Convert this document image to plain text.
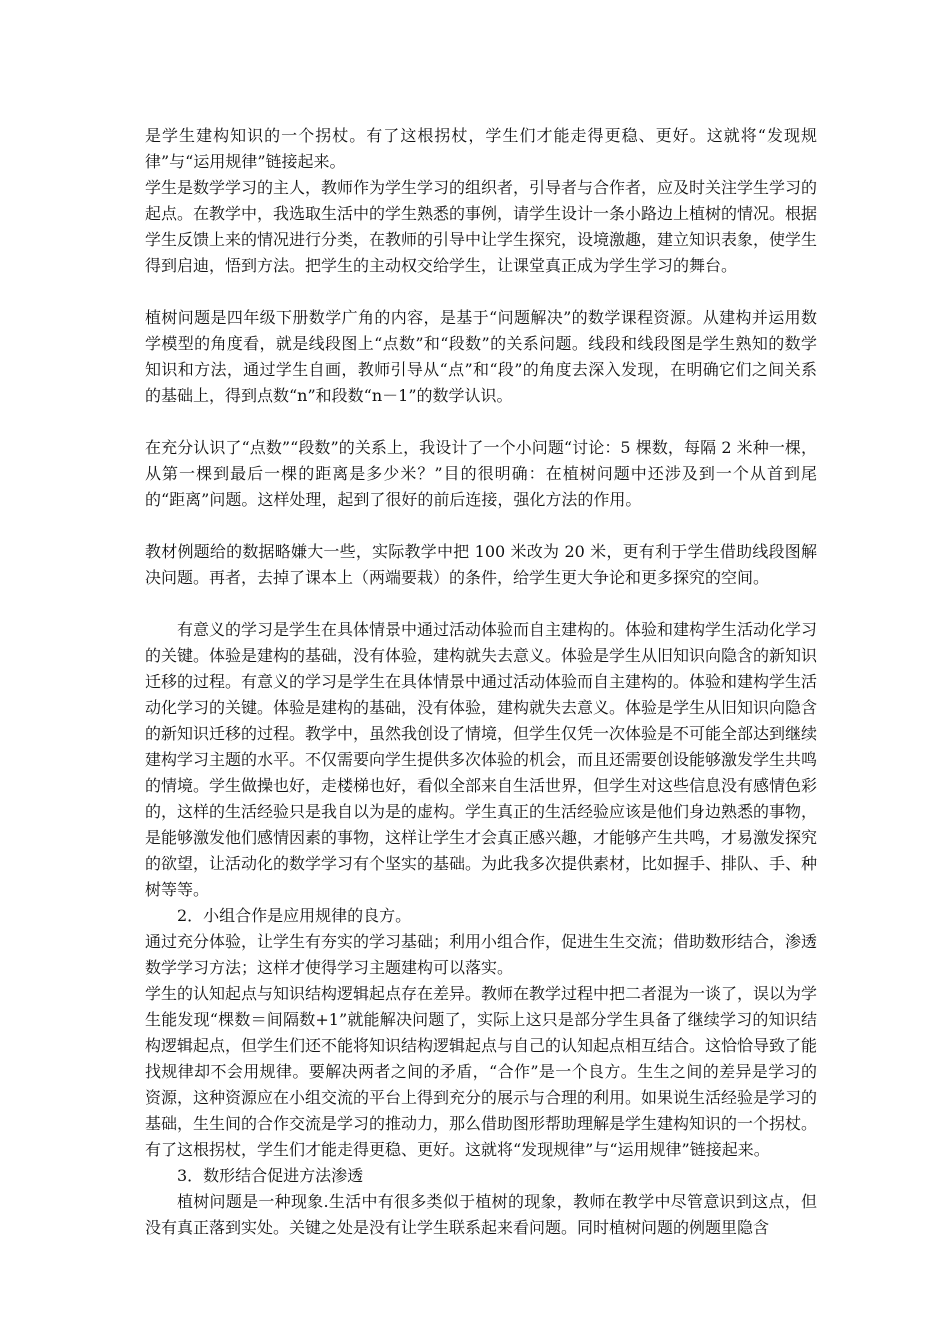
是学生建构知识的一个拐杖。有了这根拐杖，学生们才能走得更稳、更好。这就将“发现规律”与“运用规律”链接起来。

学生是数学学习的主人，教师作为学生学习的组织者，引导者与合作者，应及时关注学生学习的起点。在教学中，我选取生活中的学生熟悉的事例，请学生设计一条小路边上植树的情况。根据学生反馈上来的情况进行分类，在教师的引导中让学生探究，设境激趣，建立知识表象，使学生得到启迪，悟到方法。把学生的主动权交给学生，让课堂真正成为学生学习的舞台。

植树问题是四年级下册数学广角的内容，是基于“问题解决”的数学课程资源。从建构并运用数学模型的角度看，就是线段图上“点数”和“段数”的关系问题。线段和线段图是学生熟知的数学知识和方法，通过学生自画，教师引导从“点”和“段”的角度去深入发现，在明确它们之间关系的基础上，得到点数“n”和段数“n－1”的数学认识。

在充分认识了“点数”“段数”的关系上，我设计了一个小问题“讨论：5 棵数，每隔 2 米种一棵，从第一棵到最后一棵的距离是多少米？”目的很明确：在植树问题中还涉及到一个从首到尾的“距离”问题。这样处理，起到了很好的前后连接，强化方法的作用。

教材例题给的数据略嫌大一些，实际教学中把 100 米改为 20 米，更有利于学生借助线段图解决问题。再者，去掉了课本上（两端要栽）的条件，给学生更大争论和更多探究的空间。

有意义的学习是学生在具体情景中通过活动体验而自主建构的。体验和建构学生活动化学习的关键。体验是建构的基础，没有体验，建构就失去意义。体验是学生从旧知识向隐含的新知识迁移的过程。有意义的学习是学生在具体情景中通过活动体验而自主建构的。体验和建构学生活动化学习的关键。体验是建构的基础，没有体验，建构就失去意义。体验是学生从旧知识向隐含的新知识迁移的过程。教学中，虽然我创设了情境，但学生仅凭一次体验是不可能全部达到继续建构学习主题的水平。不仅需要向学生提供多次体验的机会，而且还需要创设能够激发学生共鸣的情境。学生做操也好，走楼梯也好，看似全部来自生活世界，但学生对这些信息没有感情色彩的，这样的生活经验只是我自以为是的虚构。学生真正的生活经验应该是他们身边熟悉的事物，是能够激发他们感情因素的事物，这样让学生才会真正感兴趣，才能够产生共鸣，才易激发探究的欲望，让活动化的数学学习有个坚实的基础。为此我多次提供素材，比如握手、排队、手、种树等等。

2．小组合作是应用规律的良方。

通过充分体验，让学生有夯实的学习基础；利用小组合作，促进生生交流；借助数形结合，渗透数学学习方法；这样才使得学习主题建构可以落实。

学生的认知起点与知识结构逻辑起点存在差异。教师在教学过程中把二者混为一谈了，误以为学生能发现“棵数＝间隔数+1”就能解决问题了，实际上这只是部分学生具备了继续学习的知识结构逻辑起点，但学生们还不能将知识结构逻辑起点与自己的认知起点相互结合。这恰恰导致了能找规律却不会用规律。要解决两者之间的矛盾，“合作”是一个良方。生生之间的差异是学习的资源，这种资源应在小组交流的平台上得到充分的展示与合理的利用。如果说生活经验是学习的基础，生生间的合作交流是学习的推动力，那么借助图形帮助理解是学生建构知识的一个拐杖。有了这根拐杖，学生们才能走得更稳、更好。这就将“发现规律”与“运用规律”链接起来。

3．数形结合促进方法渗透

植树问题是一种现象.生活中有很多类似于植树的现象，教师在教学中尽管意识到这点，但没有真正落到实处。关键之处是没有让学生联系起来看问题。同时植树问题的例题里隐含
